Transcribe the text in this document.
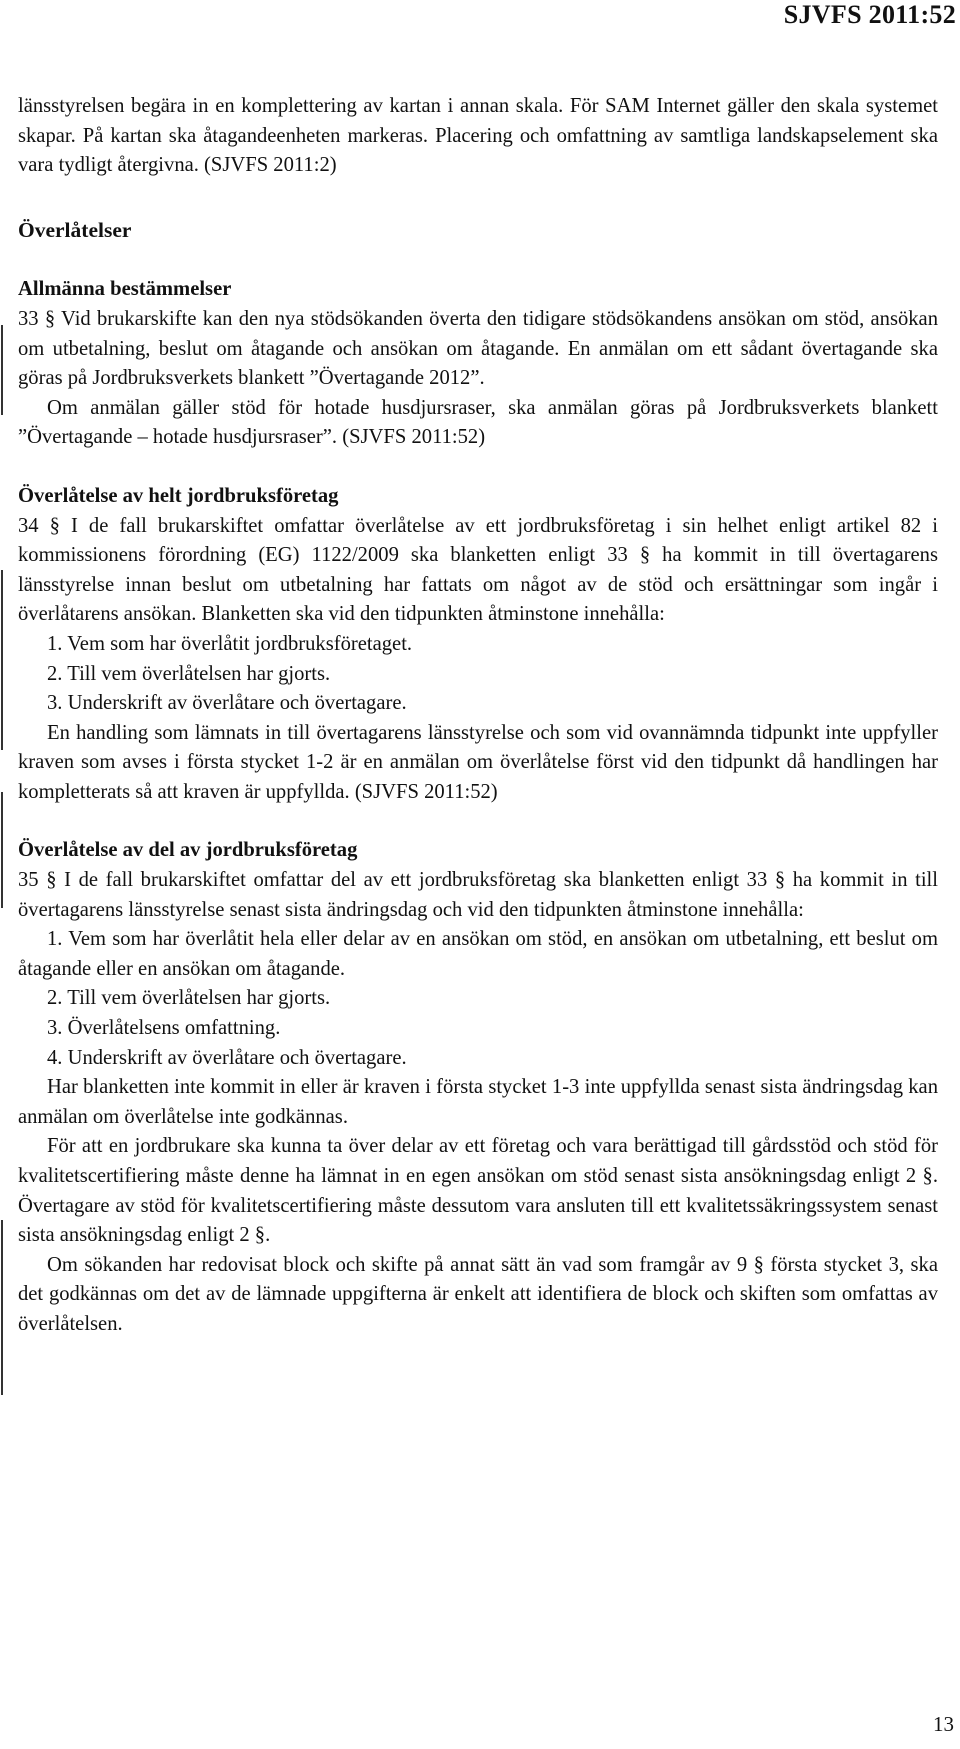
SJVFS 2011:52

länsstyrelsen begära in en komplettering av kartan i annan skala. För SAM Internet gäller den skala systemet skapar. På kartan ska åtagandeenheten markeras. Placering och omfattning av samtliga landskapselement ska vara tydligt återgivna. (SJVFS 2011:2)

Överlåtelser
Allmänna bestämmelser

33 § Vid brukarskifte kan den nya stödsökanden överta den tidigare stödsökandens ansökan om stöd, ansökan om utbetalning, beslut om åtagande och ansökan om åtagande. En anmälan om ett sådant övertagande ska göras på Jordbruksverkets blankett ”Övertagande 2012”.

Om anmälan gäller stöd för hotade husdjursraser, ska anmälan göras på Jordbruksverkets blankett ”Övertagande – hotade husdjursraser”. (SJVFS 2011:52)

Överlåtelse av helt jordbruksföretag

34 § I de fall brukarskiftet omfattar överlåtelse av ett jordbruksföretag i sin helhet enligt artikel 82 i kommissionens förordning (EG) 1122/2009 ska blanketten enligt 33 § ha kommit in till övertagarens länsstyrelse innan beslut om utbetalning har fattats om något av de stöd och ersättningar som ingår i överlåtarens ansökan. Blanketten ska vid den tidpunkten åtminstone innehålla:

1. Vem som har överlåtit jordbruksföretaget.

2. Till vem överlåtelsen har gjorts.

3. Underskrift av överlåtare och övertagare.

En handling som lämnats in till övertagarens länsstyrelse och som vid ovannämnda tidpunkt inte uppfyller kraven som avses i första stycket 1-2 är en anmälan om överlåtelse först vid den tidpunkt då handlingen har kompletterats så att kraven är uppfyllda. (SJVFS 2011:52)

Överlåtelse av del av jordbruksföretag

35 § I de fall brukarskiftet omfattar del av ett jordbruksföretag ska blanketten enligt 33 § ha kommit in till övertagarens länsstyrelse senast sista ändringsdag och vid den tidpunkten åtminstone innehålla:

1. Vem som har överlåtit hela eller delar av en ansökan om stöd, en ansökan om utbetalning, ett beslut om åtagande eller en ansökan om åtagande.

2. Till vem överlåtelsen har gjorts.

3. Överlåtelsens omfattning.

4. Underskrift av överlåtare och övertagare.

Har blanketten inte kommit in eller är kraven i första stycket 1-3 inte uppfyllda senast sista ändringsdag kan anmälan om överlåtelse inte godkännas.

För att en jordbrukare ska kunna ta över delar av ett företag och vara berättigad till gårdsstöd och stöd för kvalitetscertifiering måste denne ha lämnat in en egen ansökan om stöd senast sista ansökningsdag enligt 2 §. Övertagare av stöd för kvalitetscertifiering måste dessutom vara ansluten till ett kvalitetssäkringssystem senast sista ansökningsdag enligt 2 §.

Om sökanden har redovisat block och skifte på annat sätt än vad som framgår av 9 § första stycket 3, ska det godkännas om det av de lämnade uppgifterna är enkelt att identifiera de block och skiften som omfattas av överlåtelsen.

13
